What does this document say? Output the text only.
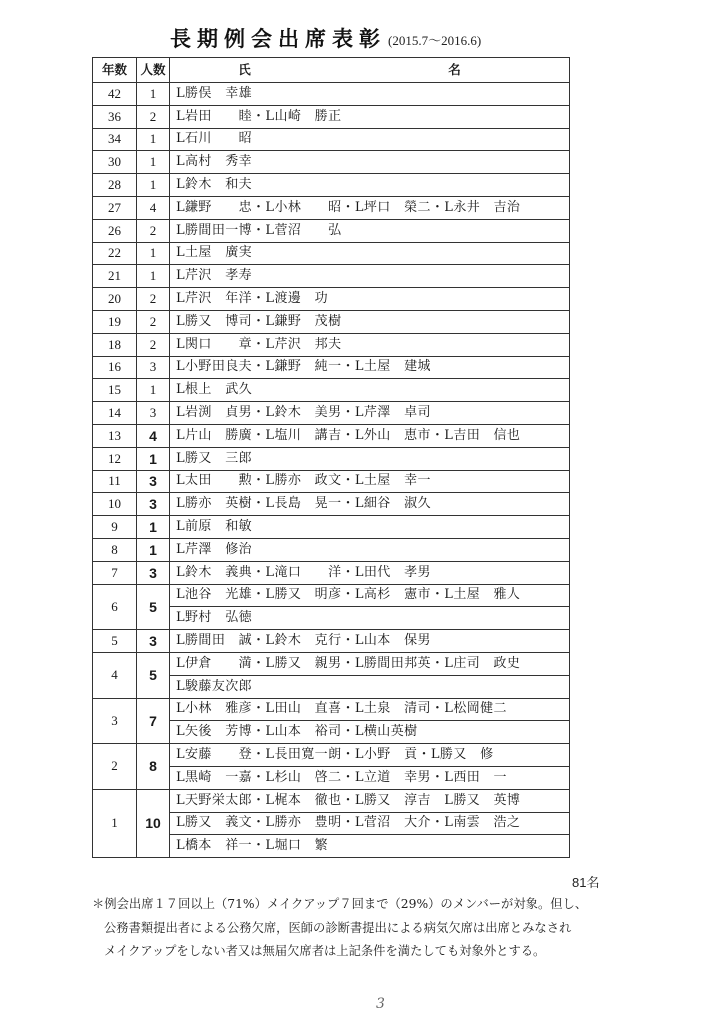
長期例会出席表彰 (2015.7～2016.6)
年数	人数	氏　　　名
42	1	L勝俣　幸雄
36	2	L岩田　　睦・L山崎　勝正
34	1	L石川　　昭
30	1	L高村　秀幸
28	1	L鈴木　和夫
27	4	L鎌野　　忠・L小林　　昭・L坪口　榮二・L永井　吉治
26	2	L勝間田一博・L菅沼　　弘
22	1	L土屋　廣実
21	1	L芹沢　孝寿
20	2	L芹沢　年洋・L渡邊　功
19	2	L勝又　博司・L鎌野　茂樹
18	2	L関口　　章・L芹沢　邦夫
16	3	L小野田良夫・L鎌野　純一・L土屋　建城
15	1	L根上　武久
14	3	L岩渕　貞男・L鈴木　美男・L芹澤　卓司
13	4	L片山　勝廣・L塩川　講吉・L外山　恵市・L吉田　信也
12	1	L勝又　三郎
11	3	L太田　　勲・L勝亦　政文・L土屋　幸一
10	3	L勝亦　英樹・L長島　晃一・L細谷　淑久
9	1	L前原　和敏
8	1	L芹澤　修治
7	3	L鈴木　義典・L滝口　　洋・L田代　孝男
6	5	L池谷　光雄・L勝又　明彦・L高杉　憲市・L土屋　雅人
		L野村　弘徳
5	3	L勝間田　誠・L鈴木　克行・L山本　保男
4	5	L伊倉　　満・L勝又　親男・L勝間田邦英・L庄司　政史
		L駿藤友次郎
3	7	L小林　雅彦・L田山　直喜・L土泉　清司・L松岡健二
		L矢後　芳博・L山本　裕司・L横山英樹
2	8	L安藤　　登・L長田寛一朗・L小野　貢・L勝又　修
		L黒崎　一嘉・L杉山　啓二・L立道　幸男・L西田　一
1	10	L天野栄太郎・L梶本　徹也・L勝又　淳吉　L勝又　英博
		L勝又　義文・L勝亦　豊明・L菅沼　大介・L南雲　浩之
		L橋本　祥一・L堀口　繁
81名
＊例会出席１７回以上（71%）メイクアップ７回まで（29%）のメンバーが対象。但し、
公務書類提出者による公務欠席，医師の診断書提出による病気欠席は出席とみなされ
メイクアップをしない者又は無届欠席者は上記条件を満たしても対象外とする。
3
